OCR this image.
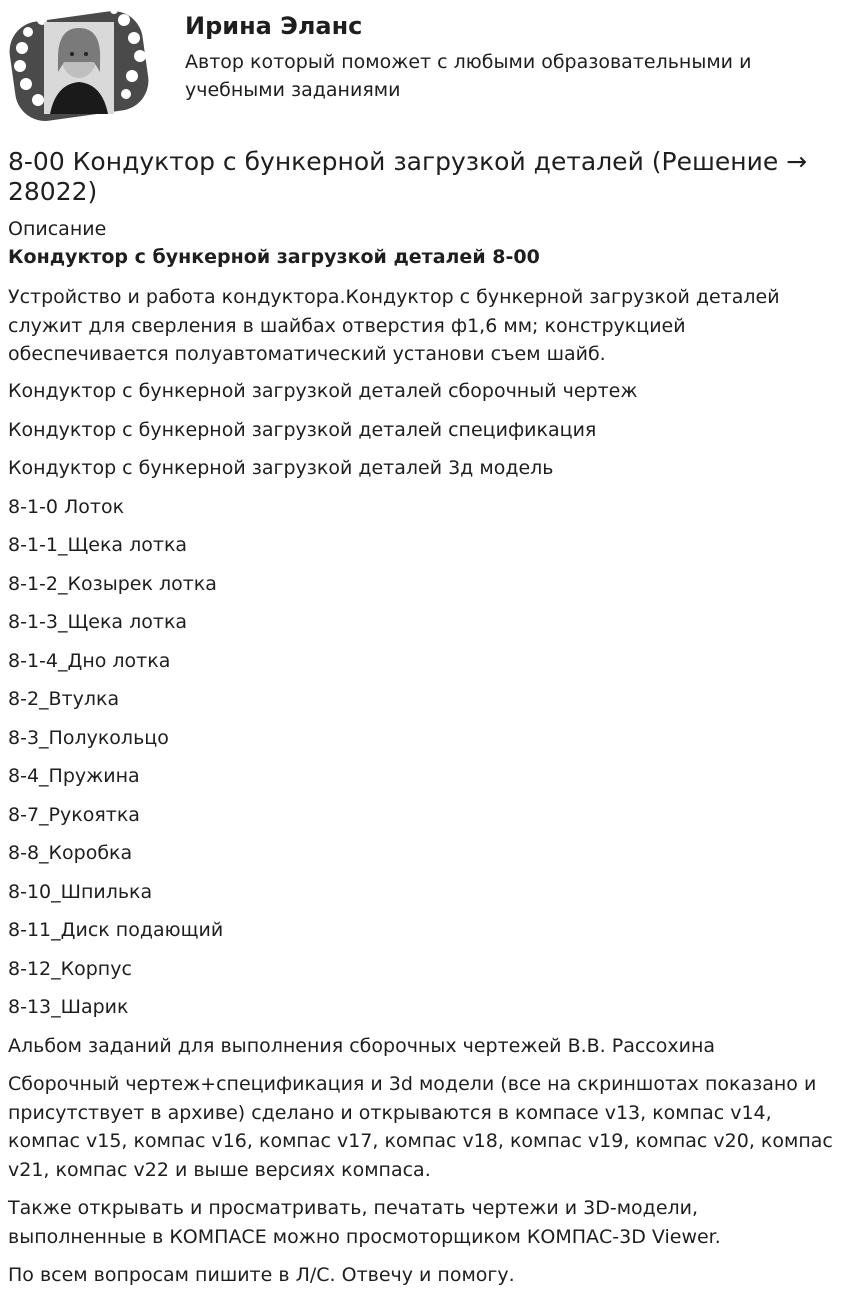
Ирина Эланс

Автор который поможет с любыми образовательными и учебными заданиями

8-00 Кондуктор с бункерной загрузкой деталей (Решение → 28022)
Описание
Кондуктор с бункерной загрузкой деталей 8-00

Устройство и работа кондуктора.Кондуктор с бункерной загрузкой деталей служит для сверления в шайбах отверстия ф1,6 мм; конструкцией обеспечивается полуавтоматический установи съем шайб.

Кондуктор с бункерной загрузкой деталей сборочный чертеж

Кондуктор с бункерной загрузкой деталей спецификация

Кондуктор с бункерной загрузкой деталей 3д модель

8-1-0 Лоток

8-1-1_Щека лотка

8-1-2_Козырек лотка

8-1-3_Щека лотка

8-1-4_Дно лотка

8-2_Втулка

8-3_Полукольцо

8-4_Пружина

8-7_Рукоятка

8-8_Коробка

8-10_Шпилька

8-11_Диск подающий

8-12_Корпус

8-13_Шарик

Альбом заданий для выполнения сборочных чертежей В.В. Рассохина

Сборочный чертеж+спецификация и 3d модели (все на скриншотах показано и присутствует в архиве) сделано и открываются в компасе v13, компас v14, компас v15, компас v16, компас v17, компас v18, компас v19, компас v20, компас v21, компас v22 и выше версиях компаса.

Также открывать и просматривать, печатать чертежи и 3D-модели, выполненные в КОМПАСЕ можно просмоторщиком КОМПАС-3D Viewer.

По всем вопросам пишите в Л/С. Отвечу и помогу.
